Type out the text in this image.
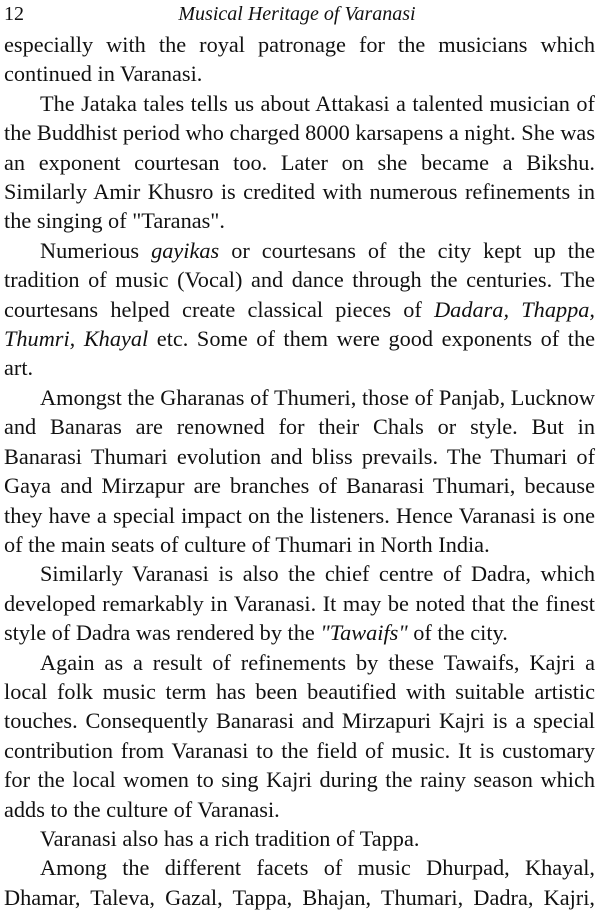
12	Musical Heritage of Varanasi

especially with the royal patronage for the musicians which continued in Varanasi.

The Jataka tales tells us about Attakasi a talented musician of the Buddhist period who charged 8000 karsapens a night. She was an exponent courtesan too. Later on she became a Bikshu. Similarly Amir Khusro is credited with numerous refinements in the singing of "Taranas".

Numerious gayikas or courtesans of the city kept up the tradition of music (Vocal) and dance through the centuries. The courtesans helped create classical pieces of Dadara, Thappa, Thumri, Khayal etc. Some of them were good exponents of the art.

Amongst the Gharanas of Thumeri, those of Panjab, Lucknow and Banaras are renowned for their Chals or style. But in Banarasi Thumari evolution and bliss prevails. The Thumari of Gaya and Mirzapur are branches of Banarasi Thumari, because they have a special impact on the listeners. Hence Varanasi is one of the main seats of culture of Thumari in North India.

Similarly Varanasi is also the chief centre of Dadra, which developed remarkably in Varanasi. It may be noted that the finest style of Dadra was rendered by the "Tawaifs" of the city.

Again as a result of refinements by these Tawaifs, Kajri a local folk music term has been beautified with suitable artistic touches. Consequently Banarasi and Mirzapuri Kajri is a special contribution from Varanasi to the field of music. It is customary for the local women to sing Kajri during the rainy season which adds to the culture of Varanasi.

Varanasi also has a rich tradition of Tappa.

Among the different facets of music Dhurpad, Khayal, Dhamar, Taleva, Gazal, Tappa, Bhajan, Thumari, Dadra, Kajri,
